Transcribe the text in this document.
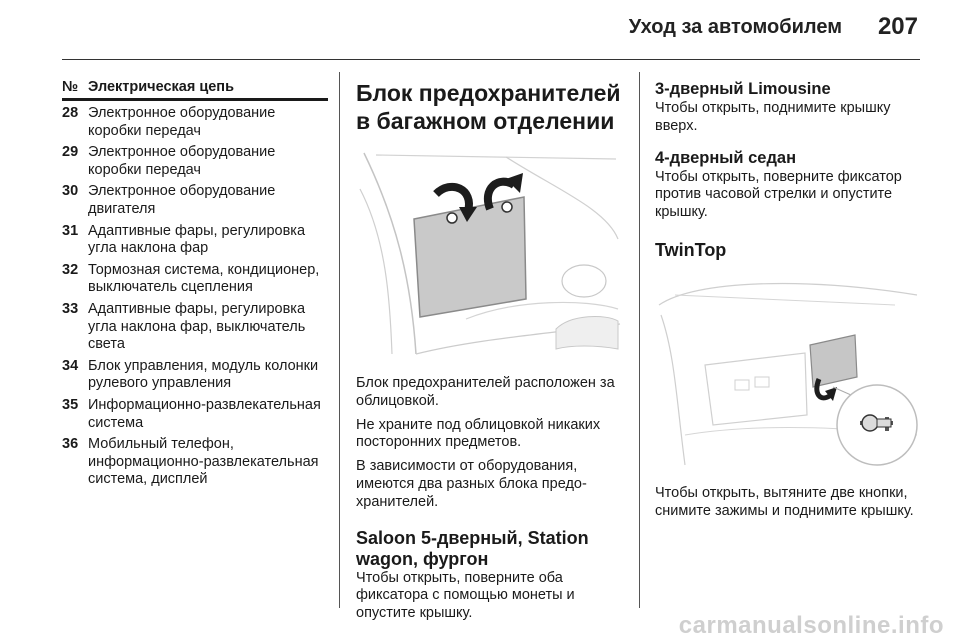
Уход за автомобилем 207
№ Электрическая цепь
28 Электронное оборудование коробки передач
29 Электронное оборудование коробки передач
30 Электронное оборудование двигателя
31 Адаптивные фары, регулировка угла наклона фар
32 Тормозная система, кондиционер, выключатель сцепления
33 Адаптивные фары, регулировка угла наклона фар, выключатель света
34 Блок управления, модуль колонки рулевого управления
35 Информационно-развлекательная система
36 Мобильный телефон, информационно-развлекательная система, дисплей
Блок предохранителей в багажном отделении
Блок предохранителей расположен за облицовкой.
Не храните под облицовкой никаких посторонних предметов.
В зависимости от оборудования, имеются два разных блока предохранителей.
Saloon 5-дверный, Station wagon, фургон
Чтобы открыть, поверните оба фиксатора с помощью монеты и опустите крышку.
3-дверный Limousine
Чтобы открыть, поднимите крышку вверх.
4-дверный седан
Чтобы открыть, поверните фиксатор против часовой стрелки и опустите крышку.
TwinTop
Чтобы открыть, вытяните две кнопки, снимите зажимы и поднимите крышку.
carmanualsonline.info
